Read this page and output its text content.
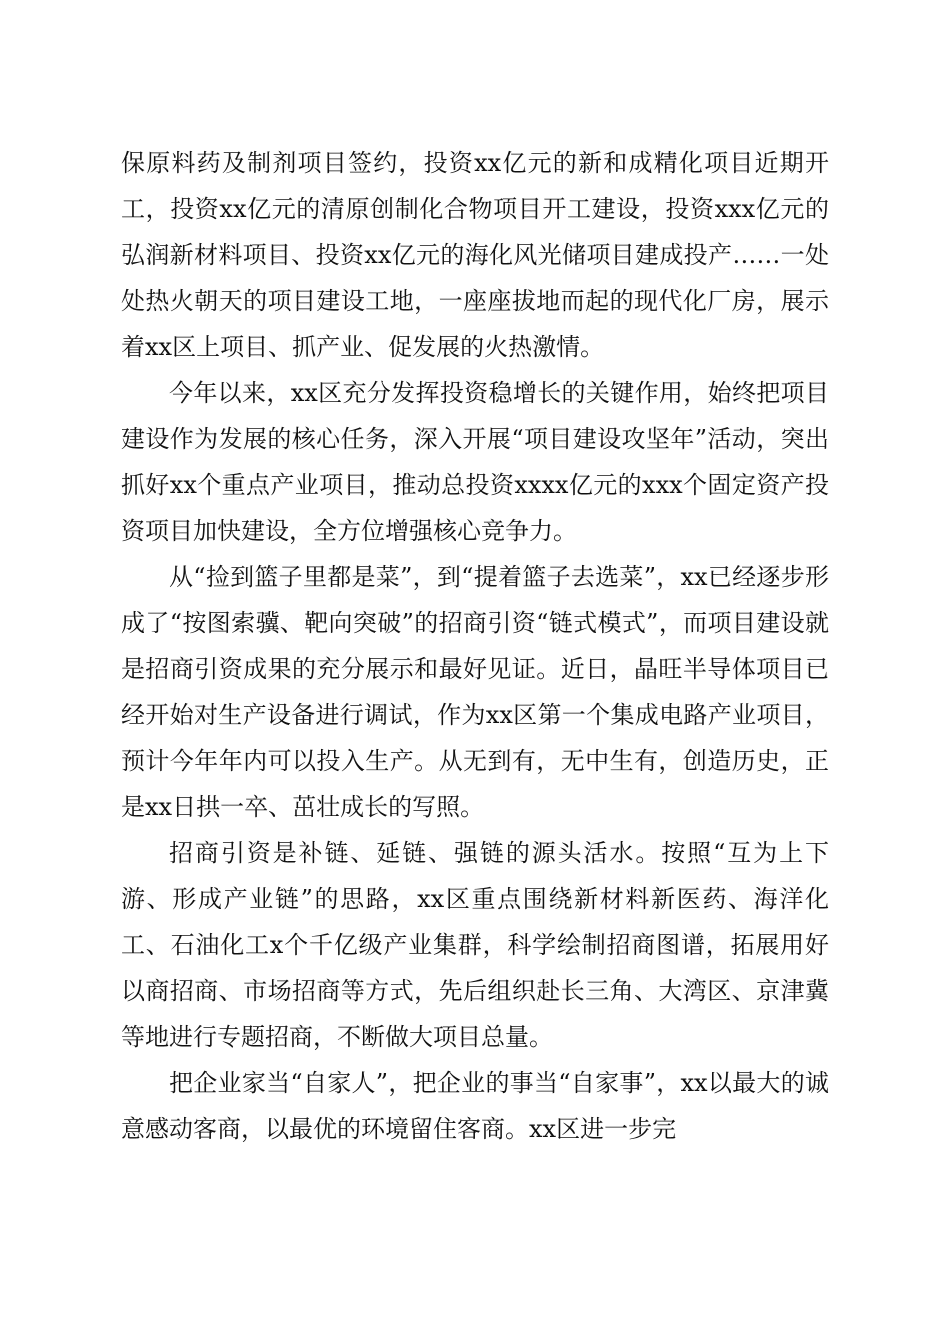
保原料药及制剂项目签约，投资xx亿元的新和成精化项目近期开工，投资xx亿元的清原创制化合物项目开工建设，投资xxx亿元的弘润新材料项目、投资xx亿元的海化风光储项目建成投产……一处处热火朝天的项目建设工地，一座座拔地而起的现代化厂房，展示着xx区上项目、抓产业、促发展的火热激情。

今年以来，xx区充分发挥投资稳增长的关键作用，始终把项目建设作为发展的核心任务，深入开展“项目建设攻坚年”活动，突出抓好xx个重点产业项目，推动总投资xxxx亿元的xxx个固定资产投资项目加快建设，全方位增强核心竞争力。

从“捡到篮子里都是菜”，到“提着篮子去选菜”，xx已经逐步形成了“按图索骥、靶向突破”的招商引资“链式模式”，而项目建设就是招商引资成果的充分展示和最好见证。近日，晶旺半导体项目已经开始对生产设备进行调试，作为xx区第一个集成电路产业项目，预计今年年内可以投入生产。从无到有，无中生有，创造历史，正是xx日拱一卒、茁壮成长的写照。

招商引资是补链、延链、强链的源头活水。按照“互为上下游、形成产业链”的思路，xx区重点围绕新材料新医药、海洋化工、石油化工x个千亿级产业集群，科学绘制招商图谱，拓展用好以商招商、市场招商等方式，先后组织赴长三角、大湾区、京津冀等地进行专题招商，不断做大项目总量。

把企业家当“自家人”，把企业的事当“自家事”，xx以最大的诚意感动客商，以最优的环境留住客商。xx区进一步完
